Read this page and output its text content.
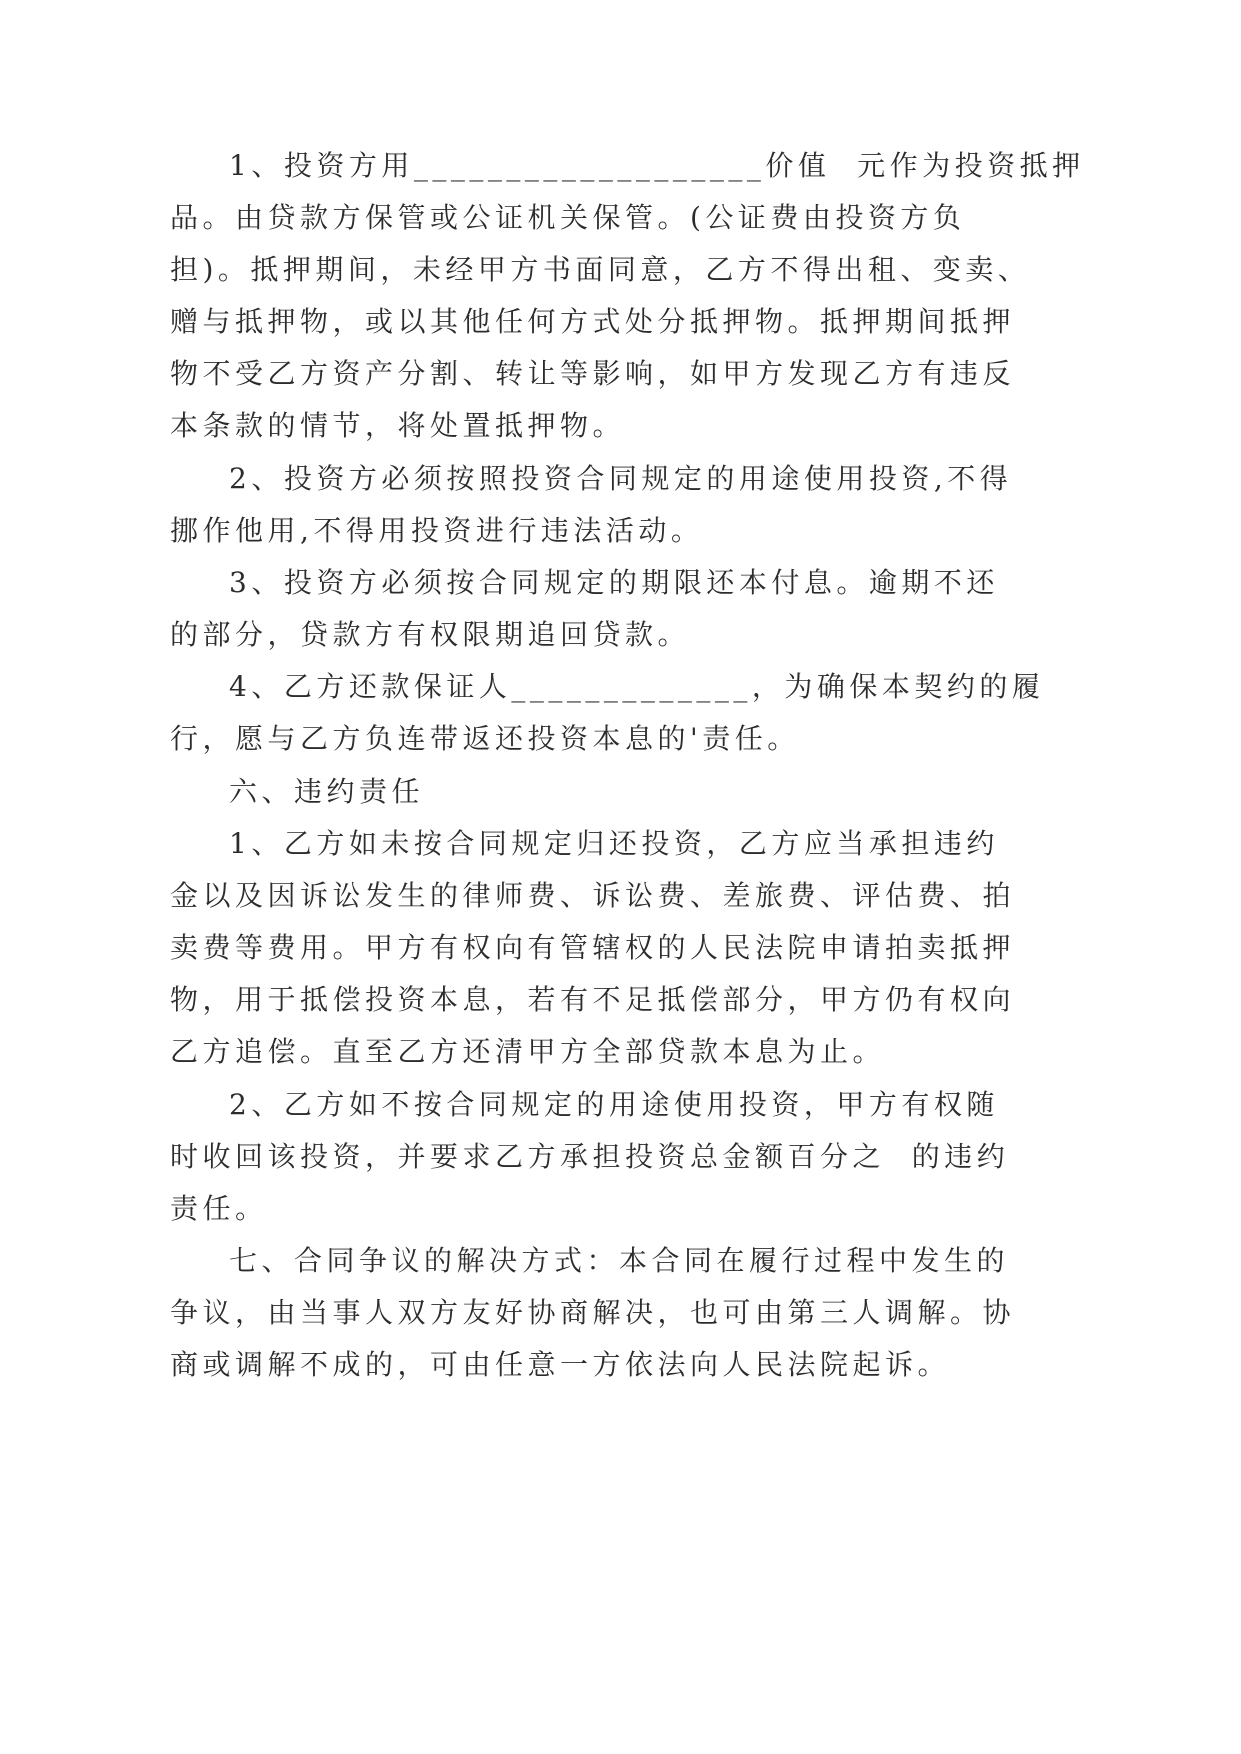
1、投资方用___________________价值  元作为投资抵押
品。由贷款方保管或公证机关保管。(公证费由投资方负
担)。抵押期间，未经甲方书面同意，乙方不得出租、变卖、
赠与抵押物，或以其他任何方式处分抵押物。抵押期间抵押
物不受乙方资产分割、转让等影响，如甲方发现乙方有违反
本条款的情节，将处置抵押物。
2、投资方必须按照投资合同规定的用途使用投资,不得
挪作他用,不得用投资进行违法活动。
3、投资方必须按合同规定的期限还本付息。逾期不还
的部分，贷款方有权限期追回贷款。
4、乙方还款保证人_____________，为确保本契约的履
行，愿与乙方负连带返还投资本息的'责任。
六、违约责任
1、乙方如未按合同规定归还投资，乙方应当承担违约
金以及因诉讼发生的律师费、诉讼费、差旅费、评估费、拍
卖费等费用。甲方有权向有管辖权的人民法院申请拍卖抵押
物，用于抵偿投资本息，若有不足抵偿部分，甲方仍有权向
乙方追偿。直至乙方还清甲方全部贷款本息为止。
2、乙方如不按合同规定的用途使用投资，甲方有权随
时收回该投资，并要求乙方承担投资总金额百分之  的违约
责任。
七、合同争议的解决方式：本合同在履行过程中发生的
争议，由当事人双方友好协商解决，也可由第三人调解。协
商或调解不成的，可由任意一方依法向人民法院起诉。
